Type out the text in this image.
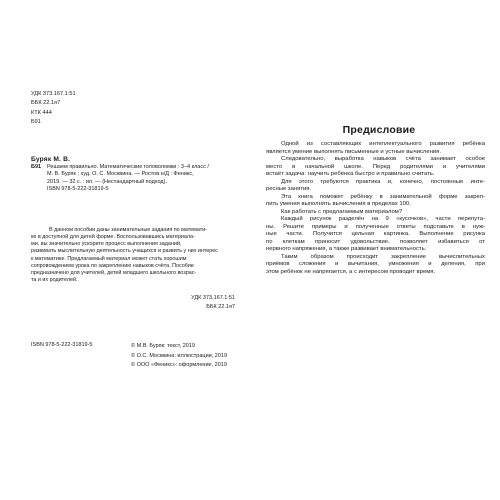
УДК 373.167.1:51
ББК 22.1я7
КТК 444
Б91
Буряк М. В.
Б91 Решаем правильно. Математические головоломки : 3–4 класс /
М. В. Буряк ; худ. О. С. Москвина. — Ростов н/Д : Феникс,
2019. — 32 с. : ил. — (Нестандартный подход).
ISBN 978-5-222-31819-5
В данном пособии даны занимательные задания по математи-
ке в доступной для детей форме. Воспользовавшись материала-
ми, вы значительно ускорите процесс выполнения заданий,
развивать мыслительную деятельность учащихся и развить у них интерес
к математике. Предлагаемый материал может стать хорошим
сопровождением урока по закреплению навыков счёта. Пособие
предназначено для учителей, детей младшего школьного возрас-
та и их родителей.
УДК 373.167.1:51
ББК 22.1я7
ISBN 978-5-222-31819-5	© М.В. Буряк: текст, 2019
© О.С. Москвина: иллюстрации, 2019
© ООО «Феникс»: оформление, 2019
Предисловие
Одной из составляющих интеллектуального развития ребёнка
является умение выполнять письменные и устные вычисления.
Следовательно, выработка навыков счёта занимает особое
место в начальной школе. Перед родителями и учителями
встаёт задача: научить ребёнка быстро и правильно считать.
Для этого требуются практика и, конечно, постоянные инте-
ресные занятия.
Эта книга поможет ребёнку в занимательной форме закреп-
пить умения выполнять вычисления в пределах 100.
Как работать с предлагаемым материалом?
Каждый рисунок разделён на 9 «кусочков», части перепута-
ны. Решите примеры и полученные ответы подставьте в нуж-
ные части. Получится цельная картинка. Выполнение рисунка
по клеткам приносит удовольствие, позволяет избавиться от
нервного напряжения, а также развивает внимательность.
Таким образом происходит закрепление вычислительных
приёмов сложения и вычитания, умножения и деления, при
этом ребёнок не напрягается, а с интересом проводит время.
